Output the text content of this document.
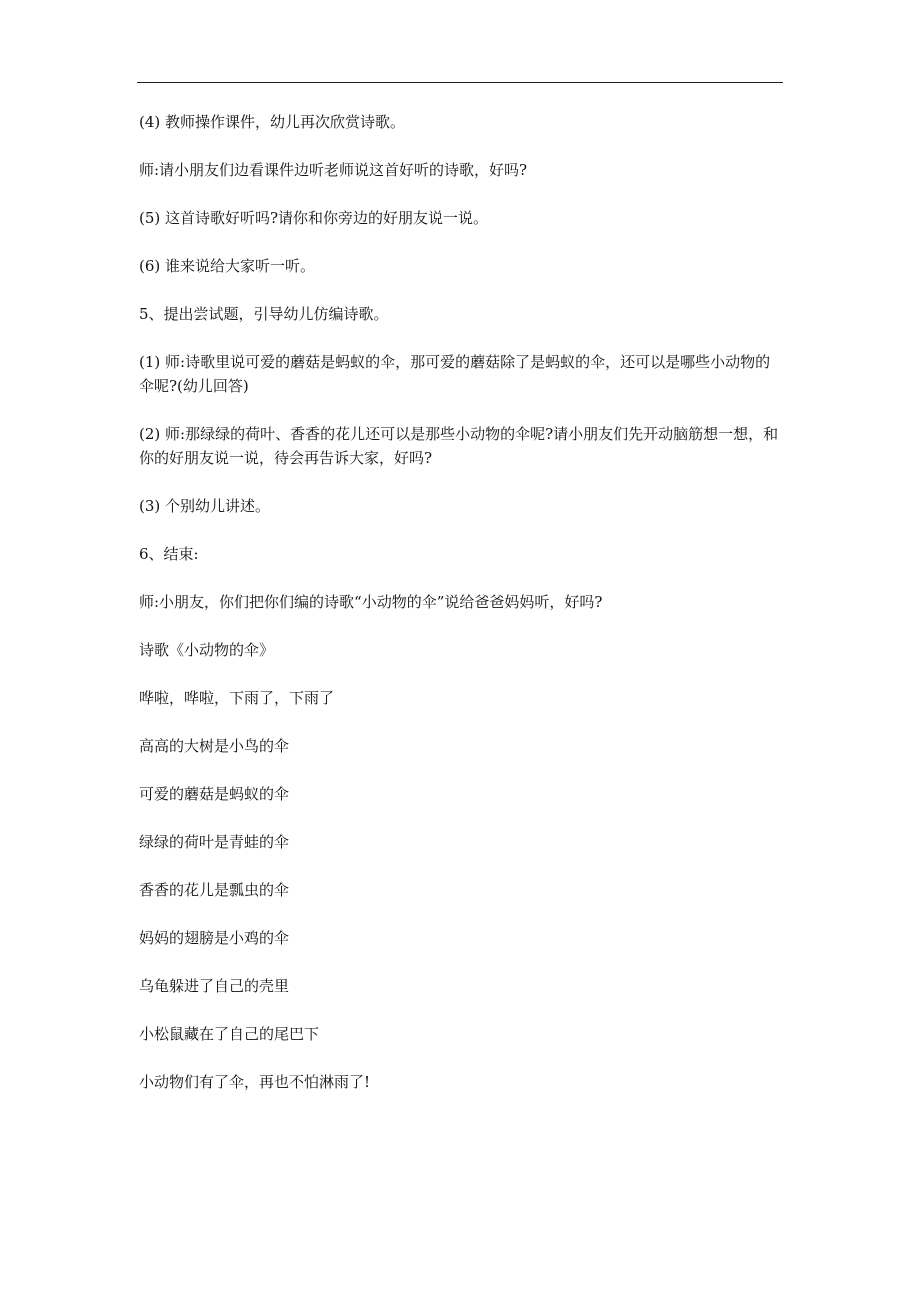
(4) 教师操作课件，幼儿再次欣赏诗歌。

师:请小朋友们边看课件边听老师说这首好听的诗歌，好吗?

(5) 这首诗歌好听吗?请你和你旁边的好朋友说一说。

(6) 谁来说给大家听一听。

5、提出尝试题，引导幼儿仿编诗歌。

(1) 师:诗歌里说可爱的蘑菇是蚂蚁的伞，那可爱的蘑菇除了是蚂蚁的伞，还可以是哪些小动物的伞呢?(幼儿回答)

(2) 师:那绿绿的荷叶、香香的花儿还可以是那些小动物的伞呢?请小朋友们先开动脑筋想一想，和你的好朋友说一说，待会再告诉大家，好吗?

(3) 个别幼儿讲述。

6、结束:

师:小朋友，你们把你们编的诗歌“小动物的伞”说给爸爸妈妈听，好吗?

诗歌《小动物的伞》

哗啦，哗啦，下雨了，下雨了

高高的大树是小鸟的伞

可爱的蘑菇是蚂蚁的伞

绿绿的荷叶是青蛙的伞

香香的花儿是瓢虫的伞

妈妈的翅膀是小鸡的伞

乌龟躲进了自己的壳里

小松鼠藏在了自己的尾巴下

小动物们有了伞，再也不怕淋雨了!
